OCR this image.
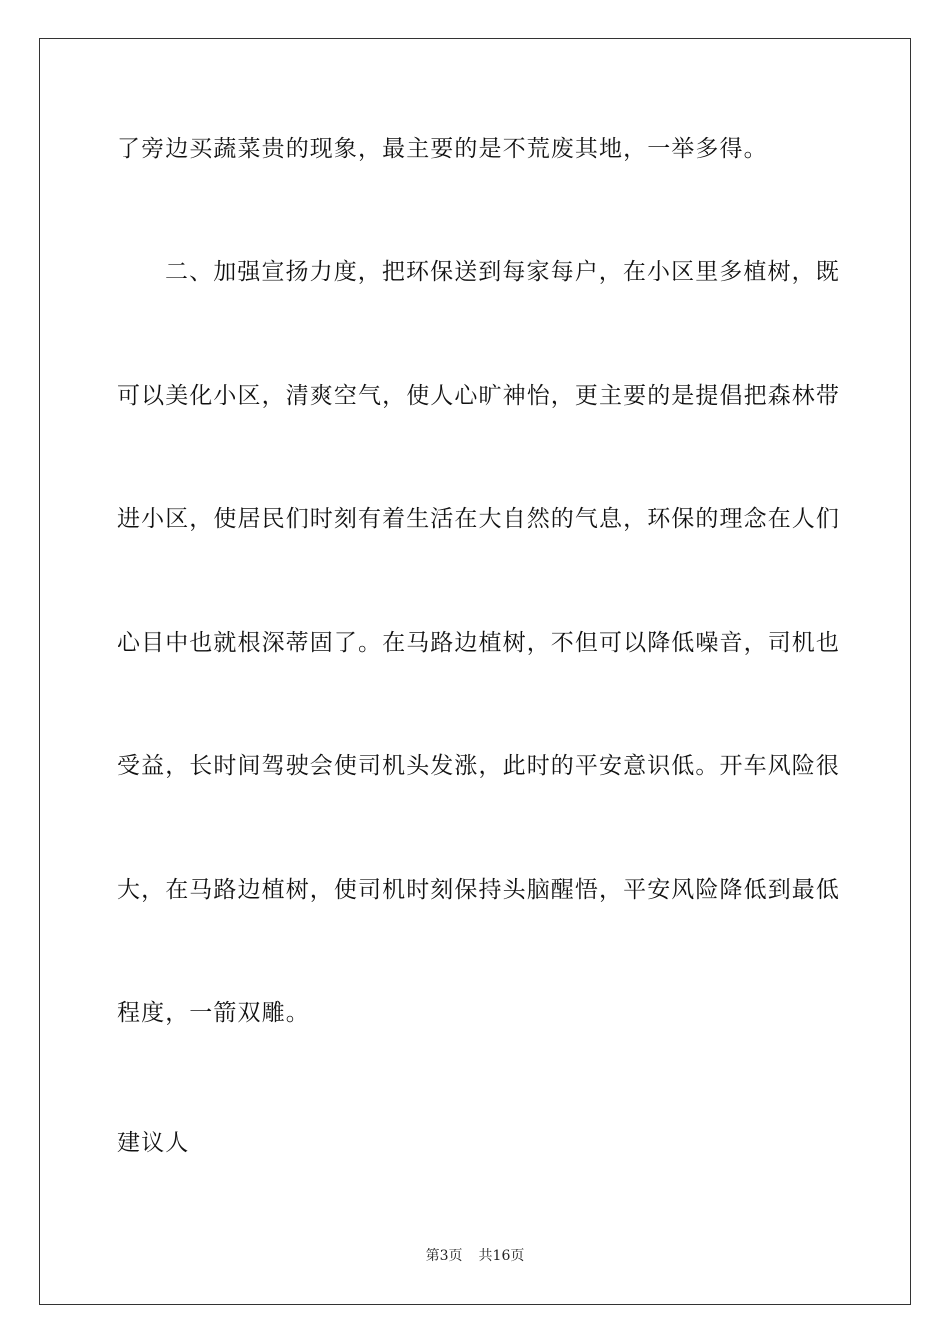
了旁边买蔬菜贵的现象，最主要的是不荒废其地，一举多得。
二、加强宣扬力度，把环保送到每家每户，在小区里多植树，既
可以美化小区，清爽空气，使人心旷神怡，更主要的是提倡把森林带
进小区，使居民们时刻有着生活在大自然的气息，环保的理念在人们
心目中也就根深蒂固了。在马路边植树，不但可以降低噪音，司机也
受益，长时间驾驶会使司机头发涨，此时的平安意识低。开车风险很
大，在马路边植树，使司机时刻保持头脑醒悟，平安风险降低到最低
程度，一箭双雕。
建议人
第3页 共16页
